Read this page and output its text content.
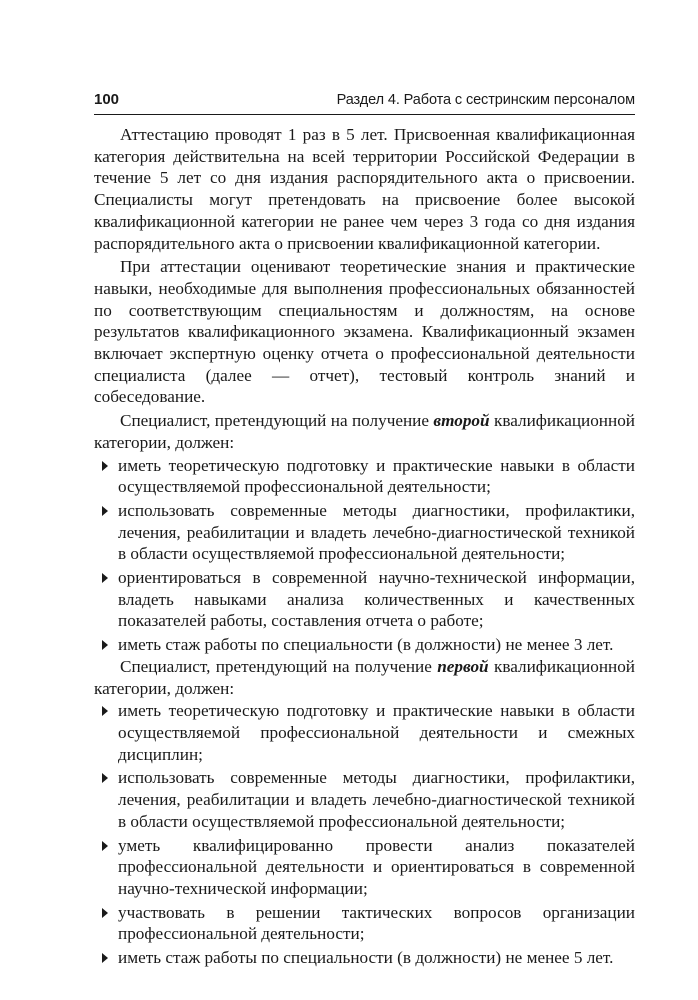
100	Раздел 4. Работа с сестринским персоналом

Аттестацию проводят 1 раз в 5 лет. Присвоенная квалификационная категория действительна на всей территории Российской Федерации в течение 5 лет со дня издания распорядительного акта о присвоении. Специалисты могут претендовать на присвоение более высокой квалификационной категории не ранее чем через 3 года со дня издания распорядительного акта о присвоении квалификационной категории.

При аттестации оценивают теоретические знания и практические навыки, необходимые для выполнения профессиональных обязанностей по соответствующим специальностям и должностям, на основе результатов квалификационного экзамена. Квалификационный экзамен включает экспертную оценку отчета о профессиональной деятельности специалиста (далее — отчет), тестовый контроль знаний и собеседование.

Специалист, претендующий на получение второй квалификационной категории, должен:

иметь теоретическую подготовку и практические навыки в области осуществляемой профессиональной деятельности;
использовать современные методы диагностики, профилактики, лечения, реабилитации и владеть лечебно-диагностической техникой в области осуществляемой профессиональной деятельности;
ориентироваться в современной научно-технической информации, владеть навыками анализа количественных и качественных показателей работы, составления отчета о работе;
иметь стаж работы по специальности (в должности) не менее 3 лет.

Специалист, претендующий на получение первой квалификационной категории, должен:

иметь теоретическую подготовку и практические навыки в области осуществляемой профессиональной деятельности и смежных дисциплин;
использовать современные методы диагностики, профилактики, лечения, реабилитации и владеть лечебно-диагностической техникой в области осуществляемой профессиональной деятельности;
уметь квалифицированно провести анализ показателей профессиональной деятельности и ориентироваться в современной научно-технической информации;
участвовать в решении тактических вопросов организации профессиональной деятельности;
иметь стаж работы по специальности (в должности) не менее 5 лет.
